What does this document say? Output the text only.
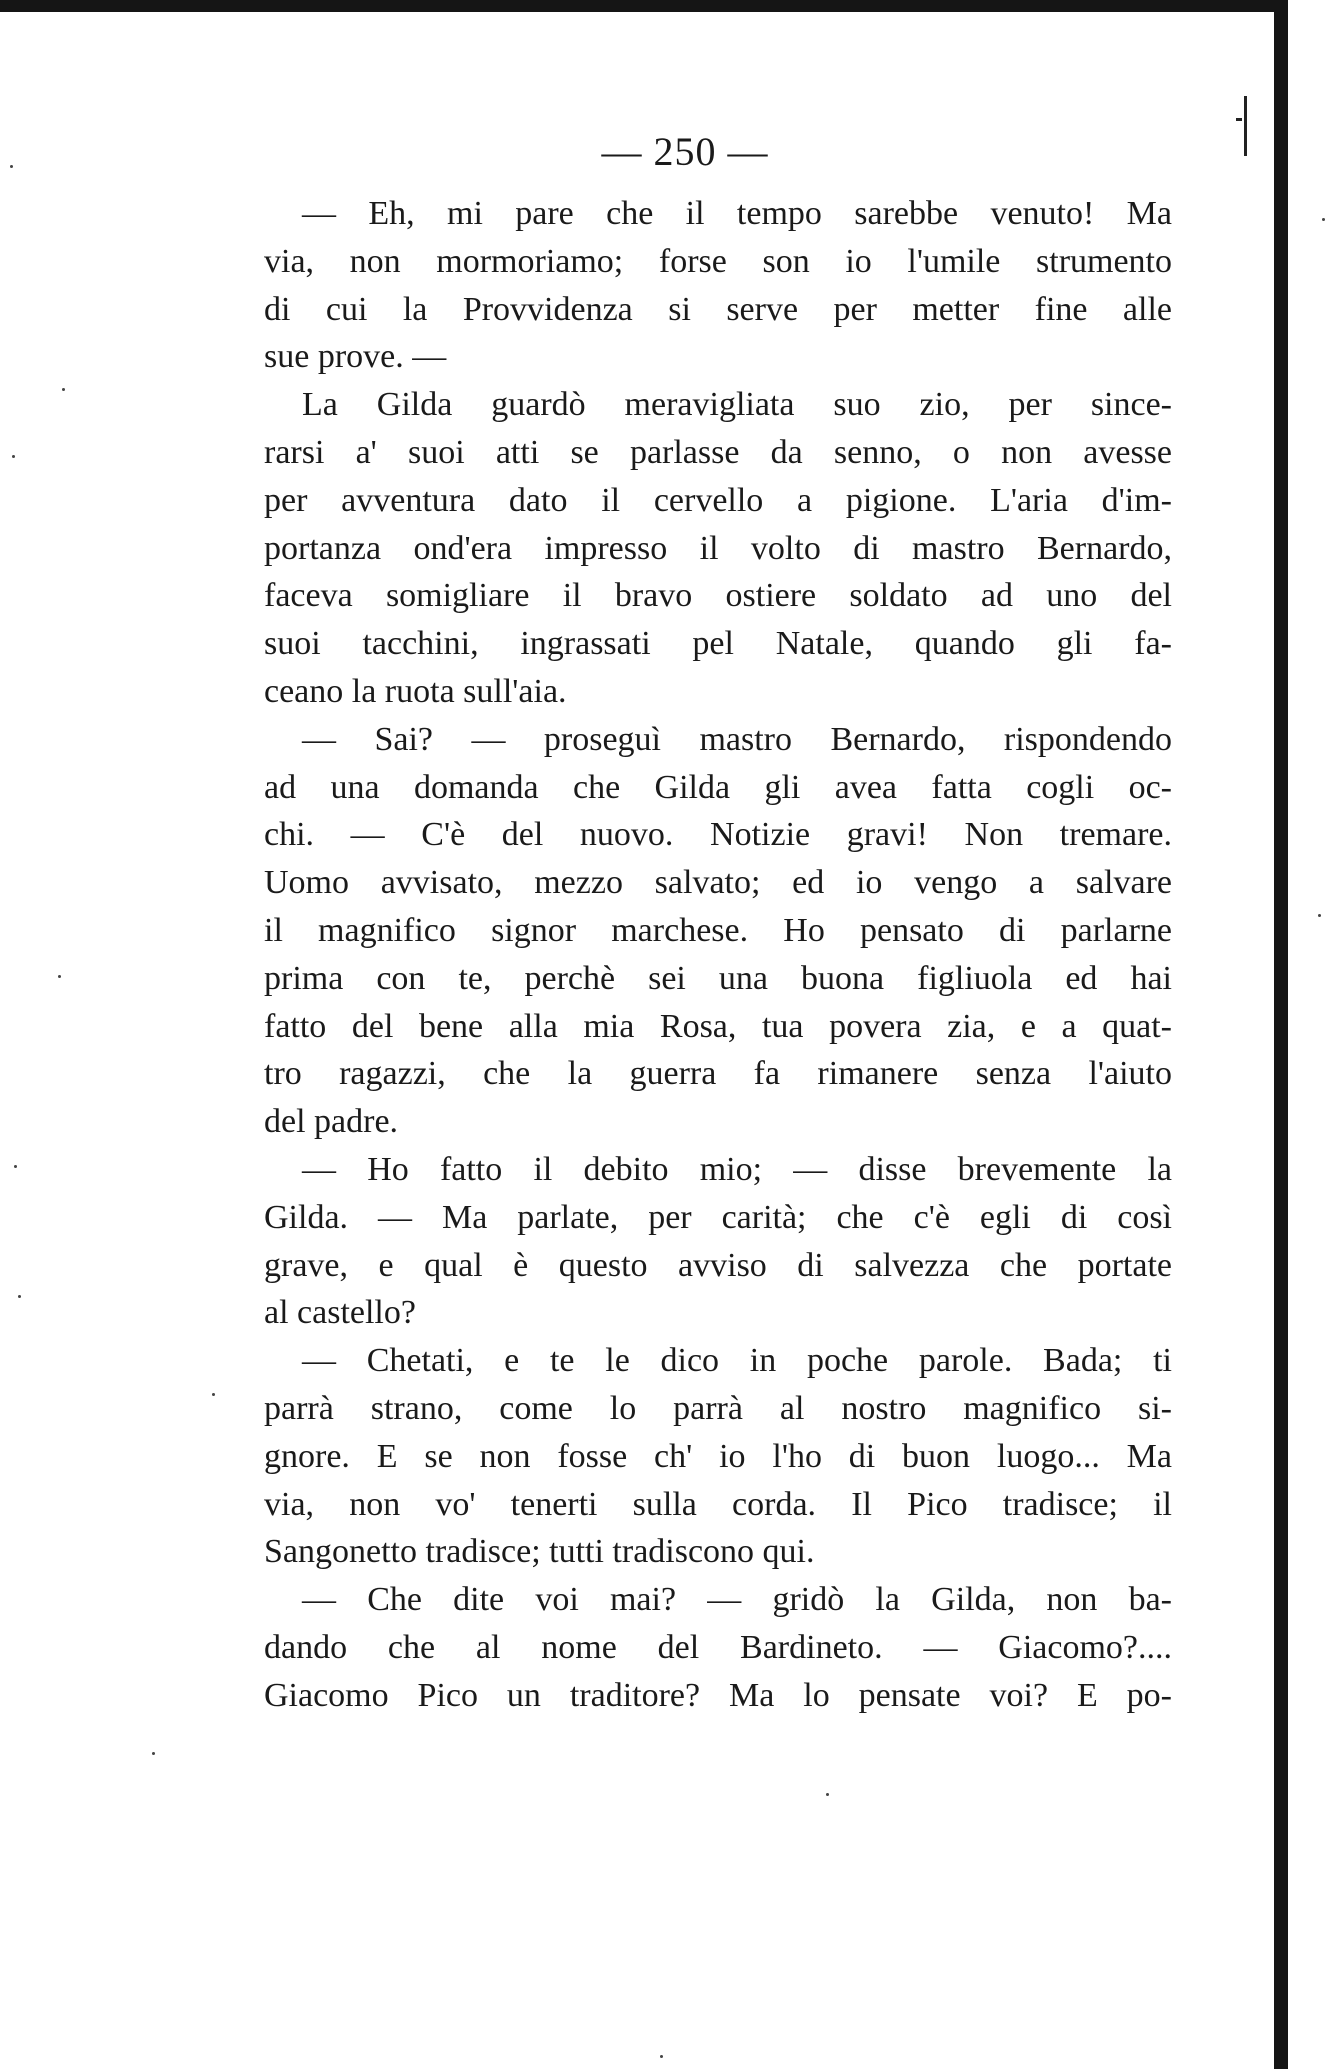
— 250 —
— Eh, mi pare che il tempo sarebbe venuto! Ma
via, non mormoriamo; forse son io l'umile strumento
di cui la Provvidenza si serve per metter fine alle
sue prove. —
La Gilda guardò meravigliata suo zio, per since-
rarsi a' suoi atti se parlasse da senno, o non avesse
per avventura dato il cervello a pigione. L'aria d'im-
portanza ond'era impresso il volto di mastro Bernardo,
faceva somigliare il bravo ostiere soldato ad uno del
suoi tacchini, ingrassati pel Natale, quando gli fa-
ceano la ruota sull'aia.
— Sai? — proseguì mastro Bernardo, rispondendo
ad una domanda che Gilda gli avea fatta cogli oc-
chi. — C'è del nuovo. Notizie gravi! Non tremare.
Uomo avvisato, mezzo salvato; ed io vengo a salvare
il magnifico signor marchese. Ho pensato di parlarne
prima con te, perchè sei una buona figliuola ed hai
fatto del bene alla mia Rosa, tua povera zia, e a quat-
tro ragazzi, che la guerra fa rimanere senza l'aiuto
del padre.
— Ho fatto il debito mio; — disse brevemente la
Gilda. — Ma parlate, per carità; che c'è egli di così
grave, e qual è questo avviso di salvezza che portate
al castello?
— Chetati, e te le dico in poche parole. Bada; ti
parrà strano, come lo parrà al nostro magnifico si-
gnore. E se non fosse ch' io l'ho di buon luogo... Ma
via, non vo' tenerti sulla corda. Il Pico tradisce; il
Sangonetto tradisce; tutti tradiscono qui.
— Che dite voi mai? — gridò la Gilda, non ba-
dando che al nome del Bardineto. — Giacomo?....
Giacomo Pico un traditore? Ma lo pensate voi? E po-
